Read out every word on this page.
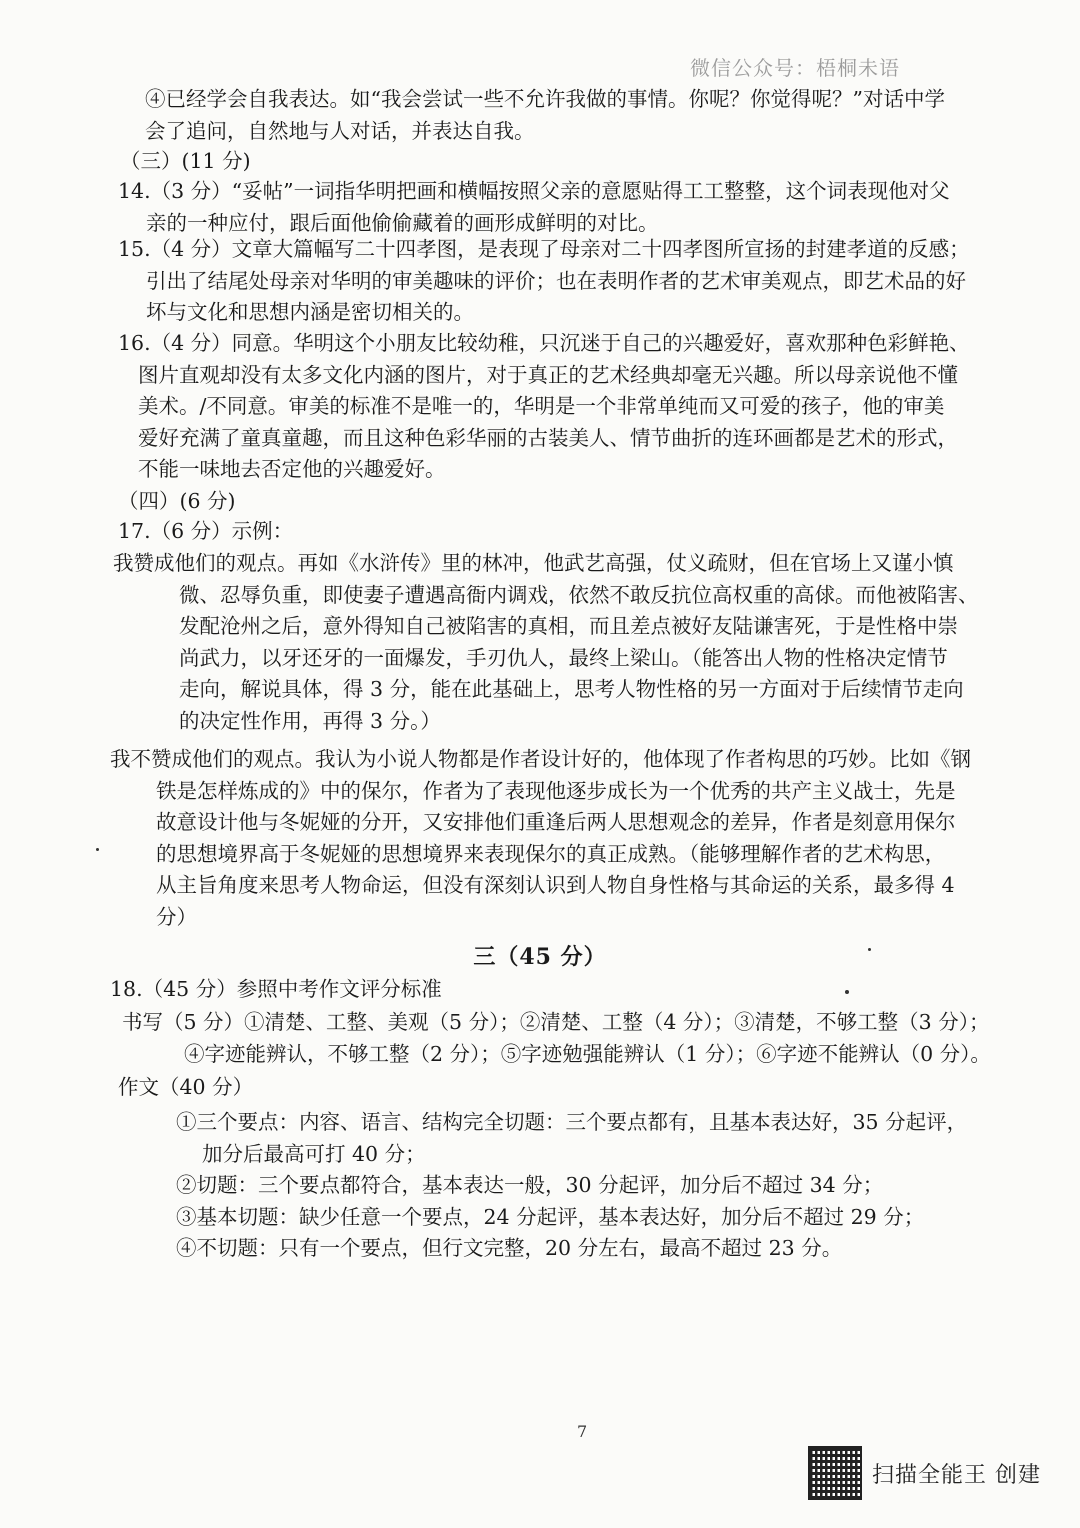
微信公众号：梧桐未语
④已经学会自我表达。如“我会尝试一些不允许我做的事情。你呢？你觉得呢？”对话中学
会了追问，自然地与人对话，并表达自我。
（三）(11 分)
14.（3 分）“妥帖”一词指华明把画和横幅按照父亲的意愿贴得工工整整，这个词表现他对父
亲的一种应付，跟后面他偷偷藏着的画形成鲜明的对比。
15.（4 分）文章大篇幅写二十四孝图，是表现了母亲对二十四孝图所宣扬的封建孝道的反感；
引出了结尾处母亲对华明的审美趣味的评价；也在表明作者的艺术审美观点，即艺术品的好
坏与文化和思想内涵是密切相关的。
16.（4 分）同意。华明这个小朋友比较幼稚，只沉迷于自己的兴趣爱好，喜欢那种色彩鲜艳、
图片直观却没有太多文化内涵的图片，对于真正的艺术经典却毫无兴趣。所以母亲说他不懂
美术。/不同意。审美的标准不是唯一的，华明是一个非常单纯而又可爱的孩子，他的审美
爱好充满了童真童趣，而且这种色彩华丽的古装美人、情节曲折的连环画都是艺术的形式，
不能一味地去否定他的兴趣爱好。
（四）(6 分)
17.（6 分）示例：
我赞成他们的观点。再如《水浒传》里的林冲，他武艺高强，仗义疏财，但在官场上又谨小慎
微、忍辱负重，即使妻子遭遇高衙内调戏，依然不敢反抗位高权重的高俅。而他被陷害、
发配沧州之后，意外得知自己被陷害的真相，而且差点被好友陆谦害死，于是性格中崇
尚武力，以牙还牙的一面爆发，手刃仇人，最终上梁山。（能答出人物的性格决定情节
走向，解说具体，得 3 分，能在此基础上，思考人物性格的另一方面对于后续情节走向
的决定性作用，再得 3 分。）
我不赞成他们的观点。我认为小说人物都是作者设计好的，他体现了作者构思的巧妙。比如《钢
铁是怎样炼成的》中的保尔，作者为了表现他逐步成长为一个优秀的共产主义战士，先是
故意设计他与冬妮娅的分开，又安排他们重逢后两人思想观念的差异，作者是刻意用保尔
的思想境界高于冬妮娅的思想境界来表现保尔的真正成熟。（能够理解作者的艺术构思，
从主旨角度来思考人物命运，但没有深刻认识到人物自身性格与其命运的关系，最多得 4
分）
三（45 分）
18.（45 分）参照中考作文评分标准
书写（5 分）①清楚、工整、美观（5 分）；②清楚、工整（4 分）；③清楚，不够工整（3 分）；
④字迹能辨认，不够工整（2 分）；⑤字迹勉强能辨认（1 分）；⑥字迹不能辨认（0 分）。
作文（40 分）
①三个要点：内容、语言、结构完全切题：三个要点都有，且基本表达好，35 分起评，
加分后最高可打 40 分；
②切题：三个要点都符合，基本表达一般，30 分起评，加分后不超过 34 分；
③基本切题：缺少任意一个要点，24 分起评，基本表达好，加分后不超过 29 分；
④不切题：只有一个要点，但行文完整，20 分左右，最高不超过 23 分。
7
扫描全能王 创建
